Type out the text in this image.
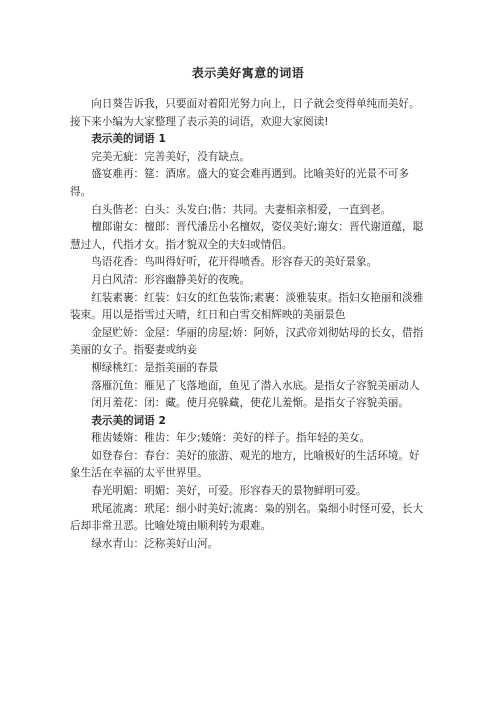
表示美好寓意的词语

向日葵告诉我，只要面对着阳光努力向上，日子就会变得单纯而美好。 接下来小编为大家整理了表示美的词语，欢迎大家阅读!

表示美的词语 1

完美无疵：完善美好，没有缺点。

盛宴难再：筵：酒席。盛大的宴会难再遇到。比喻美好的光景不可多得。

白头偕老：白头：头发白;偕：共同。夫妻相亲相爱，一直到老。

檀郎谢女：檀郎：晋代潘岳小名檀奴，姿仪美好;谢女：晋代谢道蕴，聪慧过人，代指才女。指才貌双全的夫妇或情侣。

鸟语花香：鸟叫得好听，花开得喷香。形容春天的美好景象。

月白风清：形容幽静美好的夜晚。

红装素裹：红装：妇女的红色装饰;素裹：淡雅装束。指妇女艳丽和淡雅装束。用以是指雪过天晴，红日和白雪交相辉映的美丽景色

金屋贮娇：金屋：华丽的房屋;娇：阿娇，汉武帝刘彻姑母的长女，借指美丽的女子。指娶妻或纳妾

柳绿桃红：是指美丽的春景

落雁沉鱼：雁见了飞落地面，鱼见了潜入水底。是指女子容貌美丽动人

闭月羞花：闭：藏。使月亮躲藏，使花儿羞惭。是指女子容貌美丽。

表示美的词语 2

稚齿婑媠：稚齿：年少;婑媠：美好的样子。指年轻的美女。

如登春台：春台：美好的旅游、观光的地方，比喻极好的生活环境。好象生活在幸福的太平世界里。

春光明媚：明媚：美好，可爱。形容春天的景物鲜明可爱。

玳尾流离：玳尾：细小时美好;流离：枭的别名。枭细小时怪可爱，长大后却非常丑恶。比喻处境由顺利转为艰难。

绿水青山：泛称美好山河。
